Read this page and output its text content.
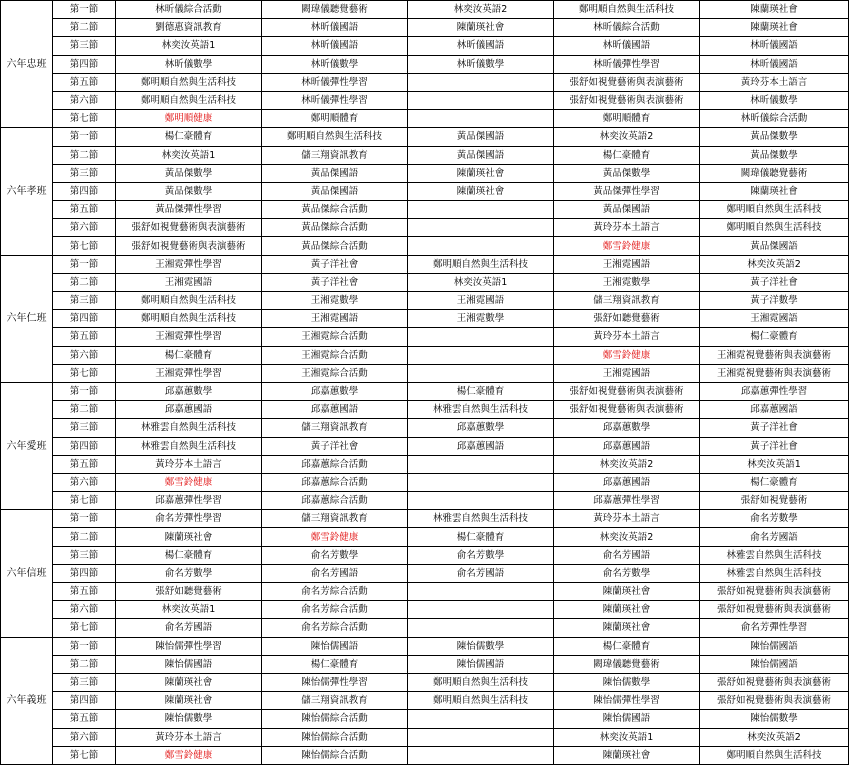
六年忠班	第一節	林昕儀綜合活動	闕瑋儀聽覺藝術	林奕汝英語2	鄭明順自然與生活科技	陳蘭瑛社會
	第二節	劉德惠資訊教育	林昕儀國語	陳蘭瑛社會	林昕儀綜合活動	陳蘭瑛社會
	第三節	林奕汝英語1	林昕儀國語	林昕儀國語	林昕儀國語	林昕儀國語
	第四節	林昕儀數學	林昕儀數學	林昕儀數學	林昕儀彈性學習	林昕儀國語
	第五節	鄭明順自然與生活科技	林昕儀彈性學習		張舒如視覺藝術與表演藝術	黃玲芬本土語言
	第六節	鄭明順自然與生活科技	林昕儀彈性學習		張舒如視覺藝術與表演藝術	林昕儀數學
	第七節	鄭明順健康	鄭明順體育		鄭明順體育	林昕儀綜合活動
六年孝班	第一節	楊仁豪體育	鄭明順自然與生活科技	黃品傑國語	林奕汝英語2	黃品傑數學
	第二節	林奕汝英語1	儲三翔資訊教育	黃品傑國語	楊仁豪體育	黃品傑數學
	第三節	黃品傑數學	黃品傑國語	陳蘭瑛社會	黃品傑數學	闕瑋儀聽覺藝術
	第四節	黃品傑數學	黃品傑國語	陳蘭瑛社會	黃品傑彈性學習	陳蘭瑛社會
	第五節	黃品傑彈性學習	黃品傑綜合活動		黃品傑國語	鄭明順自然與生活科技
	第六節	張舒如視覺藝術與表演藝術	黃品傑綜合活動		黃玲芬本土語言	鄭明順自然與生活科技
	第七節	張舒如視覺藝術與表演藝術	黃品傑綜合活動		鄭雪鈴健康	黃品傑國語
六年仁班	第一節	王湘霓彈性學習	黃子洋社會	鄭明順自然與生活科技	王湘霓國語	林奕汝英語2
	第二節	王湘霓國語	黃子洋社會	林奕汝英語1	王湘霓數學	黃子洋社會
	第三節	鄭明順自然與生活科技	王湘霓數學	王湘霓國語	儲三翔資訊教育	黃子洋數學
	第四節	鄭明順自然與生活科技	王湘霓國語	王湘霓數學	張舒如聽覺藝術	王湘霓國語
	第五節	王湘霓彈性學習	王湘霓綜合活動		黃玲芬本土語言	楊仁豪體育
	第六節	楊仁豪體育	王湘霓綜合活動		鄭雪鈴健康	王湘霓視覺藝術與表演藝術
	第七節	王湘霓彈性學習	王湘霓綜合活動		王湘霓國語	王湘霓視覺藝術與表演藝術
六年愛班	第一節	邱嘉蕙數學	邱嘉蕙數學	楊仁豪體育	張舒如視覺藝術與表演藝術	邱嘉蕙彈性學習
	第二節	邱嘉蕙國語	邱嘉蕙國語	林雅雲自然與生活科技	張舒如視覺藝術與表演藝術	邱嘉蕙國語
	第三節	林雅雲自然與生活科技	儲三翔資訊教育	邱嘉蕙數學	邱嘉蕙數學	黃子洋社會
	第四節	林雅雲自然與生活科技	黃子洋社會	邱嘉蕙國語	邱嘉蕙國語	黃子洋社會
	第五節	黃玲芬本土語言	邱嘉蕙綜合活動		林奕汝英語2	林奕汝英語1
	第六節	鄭雪鈴健康	邱嘉蕙綜合活動		邱嘉蕙國語	楊仁豪體育
	第七節	邱嘉蕙彈性學習	邱嘉蕙綜合活動		邱嘉蕙彈性學習	張舒如視覺藝術
六年信班	第一節	俞名芳彈性學習	儲三翔資訊教育	林雅雲自然與生活科技	黃玲芬本土語言	俞名芳數學
	第二節	陳蘭瑛社會	鄭雪鈴健康	楊仁豪體育	林奕汝英語2	俞名芳國語
	第三節	楊仁豪體育	俞名芳數學	俞名芳數學	俞名芳國語	林雅雲自然與生活科技
	第四節	俞名芳數學	俞名芳國語	俞名芳國語	俞名芳數學	林雅雲自然與生活科技
	第五節	張舒如聽覺藝術	俞名芳綜合活動		陳蘭瑛社會	張舒如視覺藝術與表演藝術
	第六節	林奕汝英語1	俞名芳綜合活動		陳蘭瑛社會	張舒如視覺藝術與表演藝術
	第七節	俞名芳國語	俞名芳綜合活動		陳蘭瑛社會	俞名芳彈性學習
六年義班	第一節	陳怡儒彈性學習	陳怡儒國語	陳怡儒數學	楊仁豪體育	陳怡儒國語
	第二節	陳怡儒國語	楊仁豪體育	陳怡儒國語	闕瑋儀聽覺藝術	陳怡儒國語
	第三節	陳蘭瑛社會	陳怡儒彈性學習	鄭明順自然與生活科技	陳怡儒數學	張舒如視覺藝術與表演藝術
	第四節	陳蘭瑛社會	儲三翔資訊教育	鄭明順自然與生活科技	陳怡儒彈性學習	張舒如視覺藝術與表演藝術
	第五節	陳怡儒數學	陳怡儒綜合活動		陳怡儒國語	陳怡儒數學
	第六節	黃玲芬本土語言	陳怡儒綜合活動		林奕汝英語1	林奕汝英語2
	第七節	鄭雪鈴健康	陳怡儒綜合活動		陳蘭瑛社會	鄭明順自然與生活科技
